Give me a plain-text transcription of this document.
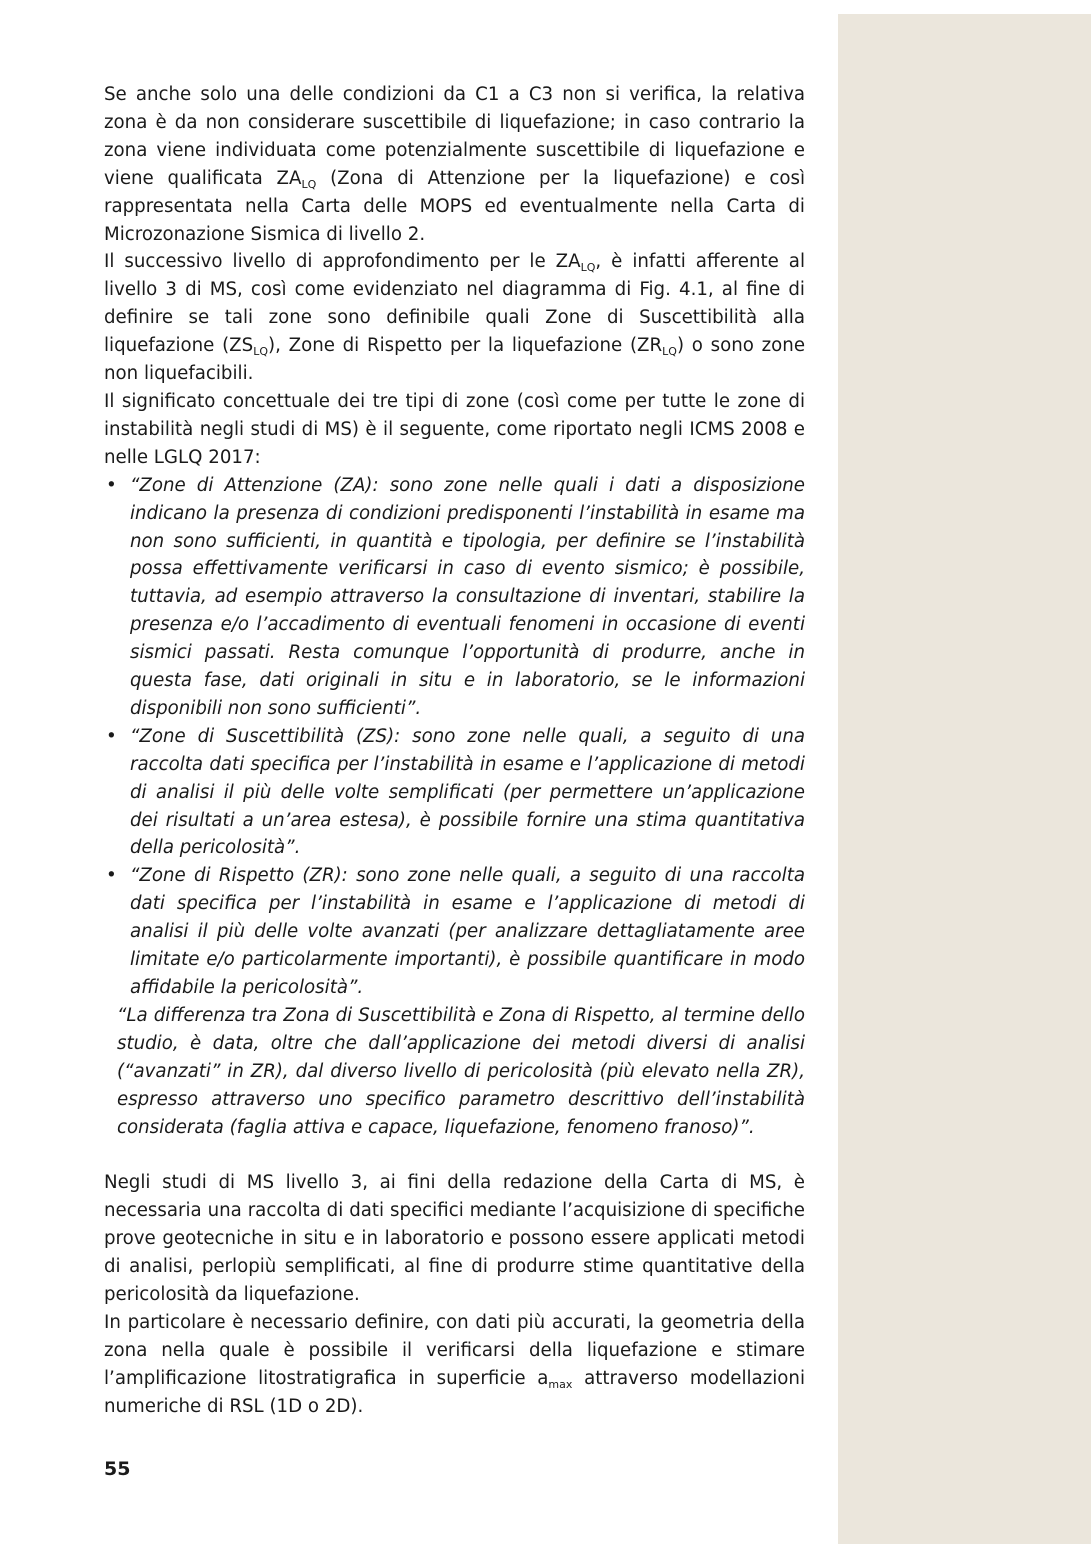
Se anche solo una delle condizioni da C1 a C3 non si verifica, la relativa zona è da non considerare suscettibile di liquefazione; in caso contrario la zona viene individuata come potenzialmente suscettibile di liquefazione e viene qualificata $ZA_{LQ}$ (Zona di Attenzione per la liquefazione) e così rappresentata nella Carta delle MOPS ed eventualmente nella Carta di Microzonazione Sismica di livello 2.

Il successivo livello di approfondimento per le $ZA_{LQ}$, è infatti afferente al livello 3 di MS, così come evidenziato nel diagramma di Fig. 4.1, al fine di definire se tali zone sono definibile quali Zone di Suscettibilità alla liquefazione $(ZS_{LQ})$, Zone di Rispetto per la liquefazione $(ZR_{LQ})$ o sono zone non liquefacibili.

Il significato concettuale dei tre tipi di zone (così come per tutte le zone di instabilità negli studi di MS) è il seguente, come riportato negli ICMS 2008 e nelle LGLQ 2017:

• “Zone di Attenzione (ZA): sono zone nelle quali i dati a disposizione indicano la presenza di condizioni predisponenti l’instabilità in esame ma non sono sufficienti, in quantità e tipologia, per definire se l’instabilità possa effettivamente verificarsi in caso di evento sismico; è possibile, tuttavia, ad esempio attraverso la consultazione di inventari, stabilire la presenza e/o l’accadimento di eventuali fenomeni in occasione di eventi sismici passati. Resta comunque l’opportunità di produrre, anche in questa fase, dati originali in situ e in laboratorio, se le informazioni disponibili non sono sufficienti”.
• “Zone di Suscettibilità (ZS): sono zone nelle quali, a seguito di una raccolta dati specifica per l’instabilità in esame e l’applicazione di metodi di analisi il più delle volte semplificati (per permettere un’applicazione dei risultati a un’area estesa), è possibile fornire una stima quantitativa della pericolosità”.
• “Zone di Rispetto (ZR): sono zone nelle quali, a seguito di una raccolta dati specifica per l’instabilità in esame e l’applicazione di metodi di analisi il più delle volte avanzati (per analizzare dettagliatamente aree limitate e/o particolarmente importanti), è possibile quantificare in modo affidabile la pericolosità”.

“La differenza tra Zona di Suscettibilità e Zona di Rispetto, al termine dello studio, è data, oltre che dall’applicazione dei metodi diversi di analisi (“avanzati” in ZR), dal diverso livello di pericolosità (più elevato nella ZR), espresso attraverso uno specifico parametro descrittivo dell’instabilità considerata (faglia attiva e capace, liquefazione, fenomeno franoso)”.

Negli studi di MS livello 3, ai fini della redazione della Carta di MS, è necessaria una raccolta di dati specifici mediante l’acquisizione di specifiche prove geotecniche in situ e in laboratorio e possono essere applicati metodi di analisi, perlopiù semplificati, al fine di produrre stime quantitative della pericolosità da liquefazione.

In particolare è necessario definire, con dati più accurati, la geometria della zona nella quale è possibile il verificarsi della liquefazione e stimare l’amplificazione litostratigrafica in superficie $a_{max}$ attraverso modellazioni numeriche di RSL (1D o 2D).

55
